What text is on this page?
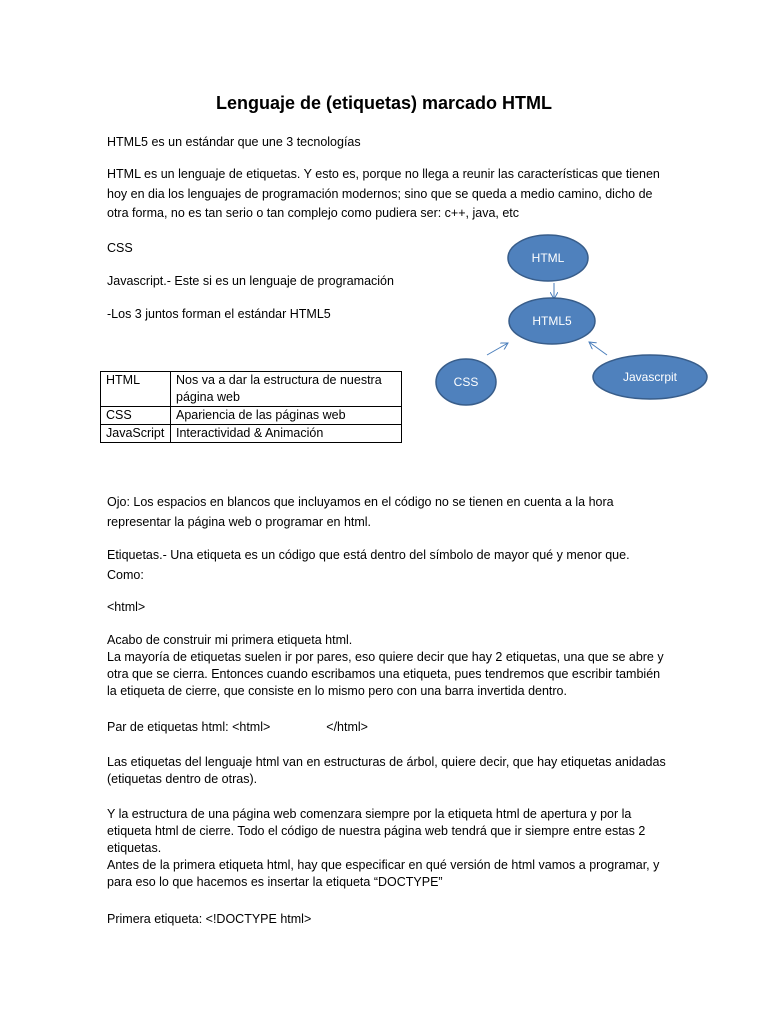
Lenguaje de (etiquetas) marcado HTML

HTML5 es un estándar que une 3 tecnologías

HTML es un lenguaje de etiquetas. Y esto es, porque no llega a reunir las características que tienen hoy en dia los lenguajes de programación modernos; sino que se queda a medio camino, dicho de otra forma, no es tan serio o tan complejo como pudiera ser: c++, java, etc

CSS

Javascript.- Este si es un lenguaje de programación

-Los 3 juntos forman el estándar HTML5

HTML	Nos va a dar la estructura de nuestra página web
CSS	Apariencia de las páginas web
JavaScript	Interactividad & Animación
HTML
HTML5
CSS	Javascrpit

Ojo: Los espacios en blancos que incluyamos en el código no se tienen en cuenta a la hora representar la página web o programar en html.

Etiquetas.- Una etiqueta es un código que está dentro del símbolo de mayor qué y menor que. Como:

<html>

Acabo de construir mi primera etiqueta html.
La mayoría de etiquetas suelen ir por pares, eso quiere decir que hay 2 etiquetas, una que se abre y otra que se cierra. Entonces cuando escribamos una etiqueta, pues tendremos que escribir también la etiqueta de cierre, que consiste en lo mismo pero con una barra invertida dentro.

Par de etiquetas html: <html>	</html>

Las etiquetas del lenguaje html van en estructuras de árbol, quiere decir, que hay etiquetas anidadas (etiquetas dentro de otras).

Y la estructura de una página web comenzara siempre por la etiqueta html de apertura y por la etiqueta html de cierre. Todo el código de nuestra página web tendrá que ir siempre entre estas 2 etiquetas.
Antes de la primera etiqueta html, hay que especificar en qué versión de html vamos a programar, y para eso lo que hacemos es insertar la etiqueta “DOCTYPE”

Primera etiqueta: <!DOCTYPE html>
